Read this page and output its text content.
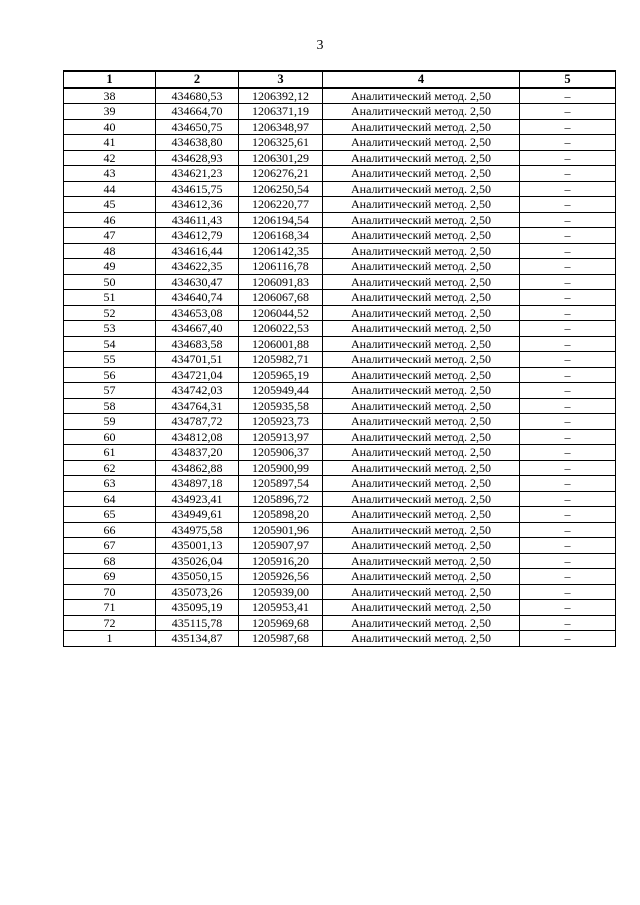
3
1	2	3	4	5
38	434680,53	1206392,12	Аналитический метод. 2,50	–
39	434664,70	1206371,19	Аналитический метод. 2,50	–
40	434650,75	1206348,97	Аналитический метод. 2,50	–
41	434638,80	1206325,61	Аналитический метод. 2,50	–
42	434628,93	1206301,29	Аналитический метод. 2,50	–
43	434621,23	1206276,21	Аналитический метод. 2,50	–
44	434615,75	1206250,54	Аналитический метод. 2,50	–
45	434612,36	1206220,77	Аналитический метод. 2,50	–
46	434611,43	1206194,54	Аналитический метод. 2,50	–
47	434612,79	1206168,34	Аналитический метод. 2,50	–
48	434616,44	1206142,35	Аналитический метод. 2,50	–
49	434622,35	1206116,78	Аналитический метод. 2,50	–
50	434630,47	1206091,83	Аналитический метод. 2,50	–
51	434640,74	1206067,68	Аналитический метод. 2,50	–
52	434653,08	1206044,52	Аналитический метод. 2,50	–
53	434667,40	1206022,53	Аналитический метод. 2,50	–
54	434683,58	1206001,88	Аналитический метод. 2,50	–
55	434701,51	1205982,71	Аналитический метод. 2,50	–
56	434721,04	1205965,19	Аналитический метод. 2,50	–
57	434742,03	1205949,44	Аналитический метод. 2,50	–
58	434764,31	1205935,58	Аналитический метод. 2,50	–
59	434787,72	1205923,73	Аналитический метод. 2,50	–
60	434812,08	1205913,97	Аналитический метод. 2,50	–
61	434837,20	1205906,37	Аналитический метод. 2,50	–
62	434862,88	1205900,99	Аналитический метод. 2,50	–
63	434897,18	1205897,54	Аналитический метод. 2,50	–
64	434923,41	1205896,72	Аналитический метод. 2,50	–
65	434949,61	1205898,20	Аналитический метод. 2,50	–
66	434975,58	1205901,96	Аналитический метод. 2,50	–
67	435001,13	1205907,97	Аналитический метод. 2,50	–
68	435026,04	1205916,20	Аналитический метод. 2,50	–
69	435050,15	1205926,56	Аналитический метод. 2,50	–
70	435073,26	1205939,00	Аналитический метод. 2,50	–
71	435095,19	1205953,41	Аналитический метод. 2,50	–
72	435115,78	1205969,68	Аналитический метод. 2,50	–
1	435134,87	1205987,68	Аналитический метод. 2,50	–
